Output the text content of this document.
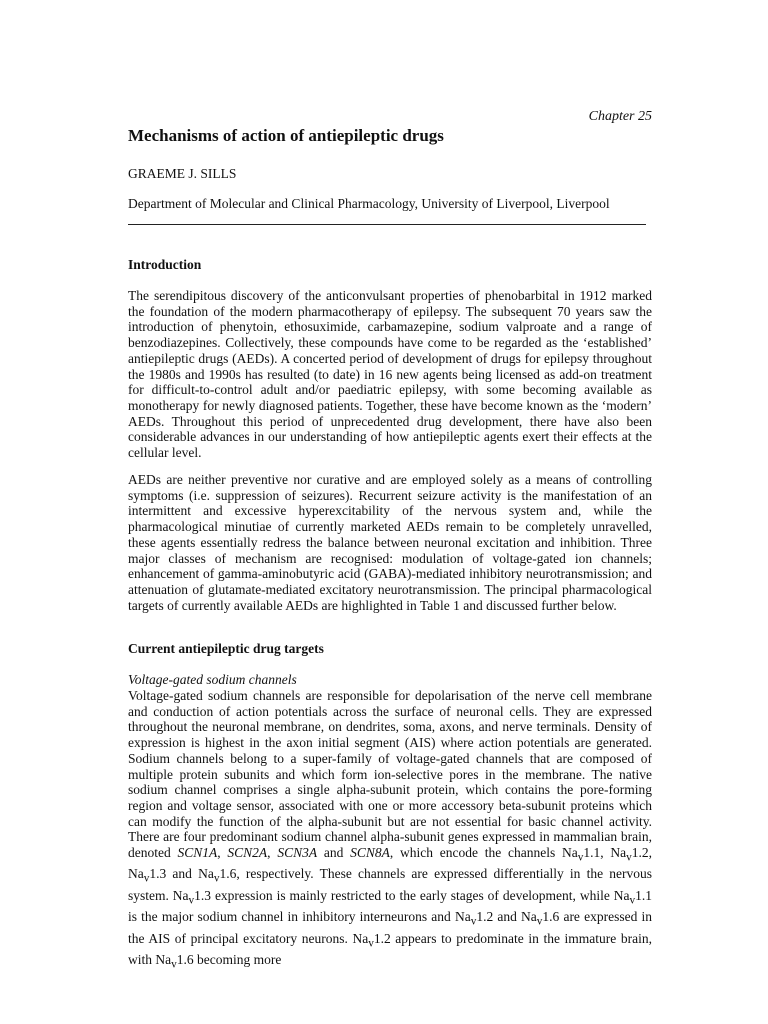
Chapter 25
Mechanisms of action of antiepileptic drugs
GRAEME J. SILLS
Department of Molecular and Clinical Pharmacology, University of Liverpool, Liverpool
Introduction

The serendipitous discovery of the anticonvulsant properties of phenobarbital in 1912 marked the foundation of the modern pharmacotherapy of epilepsy. The subsequent 70 years saw the introduction of phenytoin, ethosuximide, carbamazepine, sodium valproate and a range of benzodiazepines. Collectively, these compounds have come to be regarded as the ‘established’ antiepileptic drugs (AEDs). A concerted period of development of drugs for epilepsy throughout the 1980s and 1990s has resulted (to date) in 16 new agents being licensed as add-on treatment for difficult-to-control adult and/or paediatric epilepsy, with some becoming available as monotherapy for newly diagnosed patients. Together, these have become known as the ‘modern’ AEDs. Throughout this period of unprecedented drug development, there have also been considerable advances in our understanding of how antiepileptic agents exert their effects at the cellular level.

AEDs are neither preventive nor curative and are employed solely as a means of controlling symptoms (i.e. suppression of seizures). Recurrent seizure activity is the manifestation of an intermittent and excessive hyperexcitability of the nervous system and, while the pharmacological minutiae of currently marketed AEDs remain to be completely unravelled, these agents essentially redress the balance between neuronal excitation and inhibition. Three major classes of mechanism are recognised: modulation of voltage-gated ion channels; enhancement of gamma-aminobutyric acid (GABA)-mediated inhibitory neurotransmission; and attenuation of glutamate-mediated excitatory neurotransmission. The principal pharmacological targets of currently available AEDs are highlighted in Table 1 and discussed further below.

Current antiepileptic drug targets
Voltage-gated sodium channels

Voltage-gated sodium channels are responsible for depolarisation of the nerve cell membrane and conduction of action potentials across the surface of neuronal cells. They are expressed throughout the neuronal membrane, on dendrites, soma, axons, and nerve terminals. Density of expression is highest in the axon initial segment (AIS) where action potentials are generated. Sodium channels belong to a super-family of voltage-gated channels that are composed of multiple protein subunits and which form ion-selective pores in the membrane. The native sodium channel comprises a single alpha-subunit protein, which contains the pore-forming region and voltage sensor, associated with one or more accessory beta-subunit proteins which can modify the function of the alpha-subunit but are not essential for basic channel activity. There are four predominant sodium channel alpha-subunit genes expressed in mammalian brain, denoted SCN1A, SCN2A, SCN3A and SCN8A, which encode the channels $Na_v1.1$, $Na_v1.2$, $Na_v1.3$ and $Na_v1.6$, respectively. These channels are expressed differentially in the nervous system. $Na_v1.3$ expression is mainly restricted to the early stages of development, while $Na_v1.1$ is the major sodium channel in inhibitory interneurons and $Na_v1.2$ and $Na_v1.6$ are expressed in the AIS of principal excitatory neurons. $Na_v1.2$ appears to predominate in the immature brain, with $Na_v1.6$ becoming more
